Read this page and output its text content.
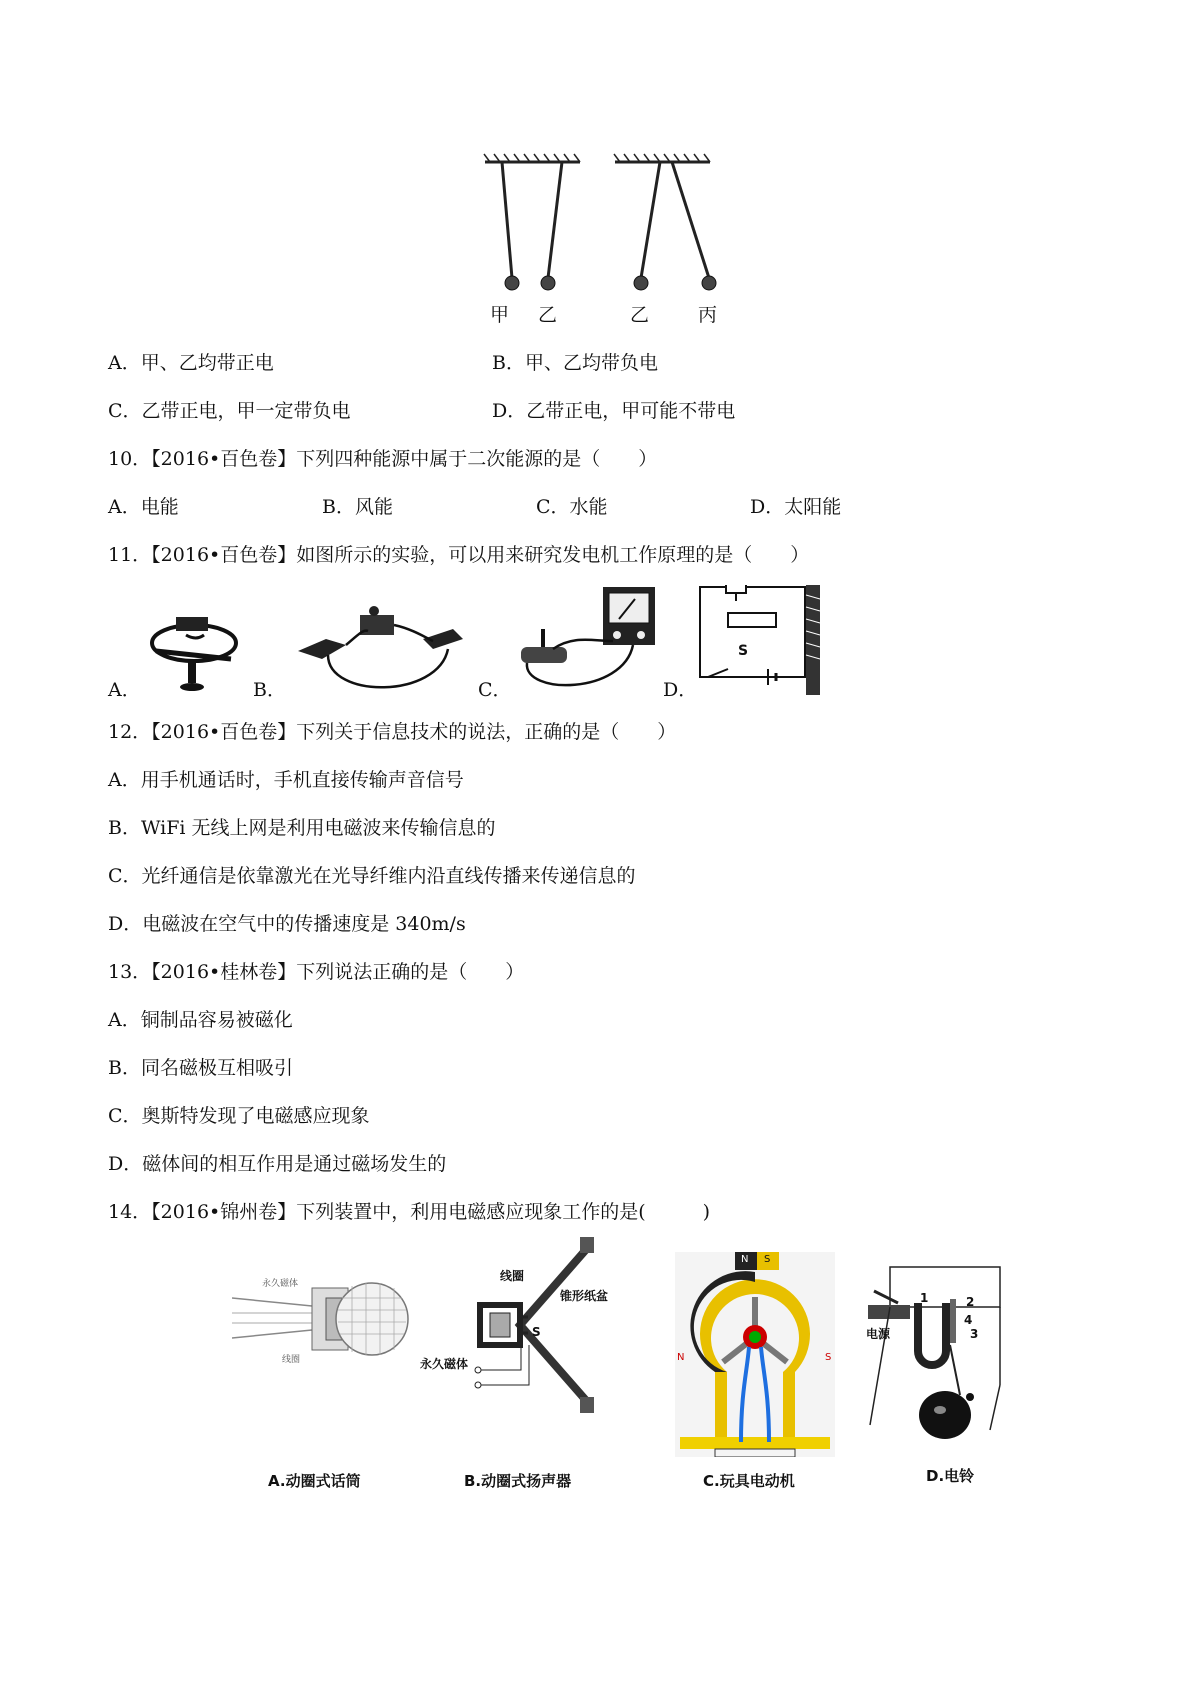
甲 乙	乙	丙
A．甲、乙均带正电	B．甲、乙均带负电
C．乙带正电，甲一定带负电	D．乙带正电，甲可能不带电
10．【2016•百色卷】下列四种能源中属于二次能源的是（　　）
A．电能	B．风能	C．水能	D．太阳能
11．【2016•百色卷】如图所示的实验，可以用来研究发电机工作原理的是（　　）
A．	B．	C．	D．
S
12．【2016•百色卷】下列关于信息技术的说法，正确的是（　　）
A．用手机通话时，手机直接传输声音信号
B．WiFi 无线上网是利用电磁波来传输信息的
C．光纤通信是依靠激光在光导纤维内沿直线传播来传递信息的
D．电磁波在空气中的传播速度是 340m/s
13．【2016•桂林卷】下列说法正确的是（　　）
A．铜制品容易被磁化
B．同名磁极互相吸引
C．奥斯特发现了电磁感应现象
D．磁体间的相互作用是通过磁场发生的
14．【2016•锦州卷】下列装置中，利用电磁感应现象工作的是(　　　)
永久磁体
线圈
A.动圈式话筒
线圈
锥形纸盆
永久磁体
S
B.动圈式扬声器
N S
N	S
C.玩具电动机
电源
1	2
4
3
D.电铃
